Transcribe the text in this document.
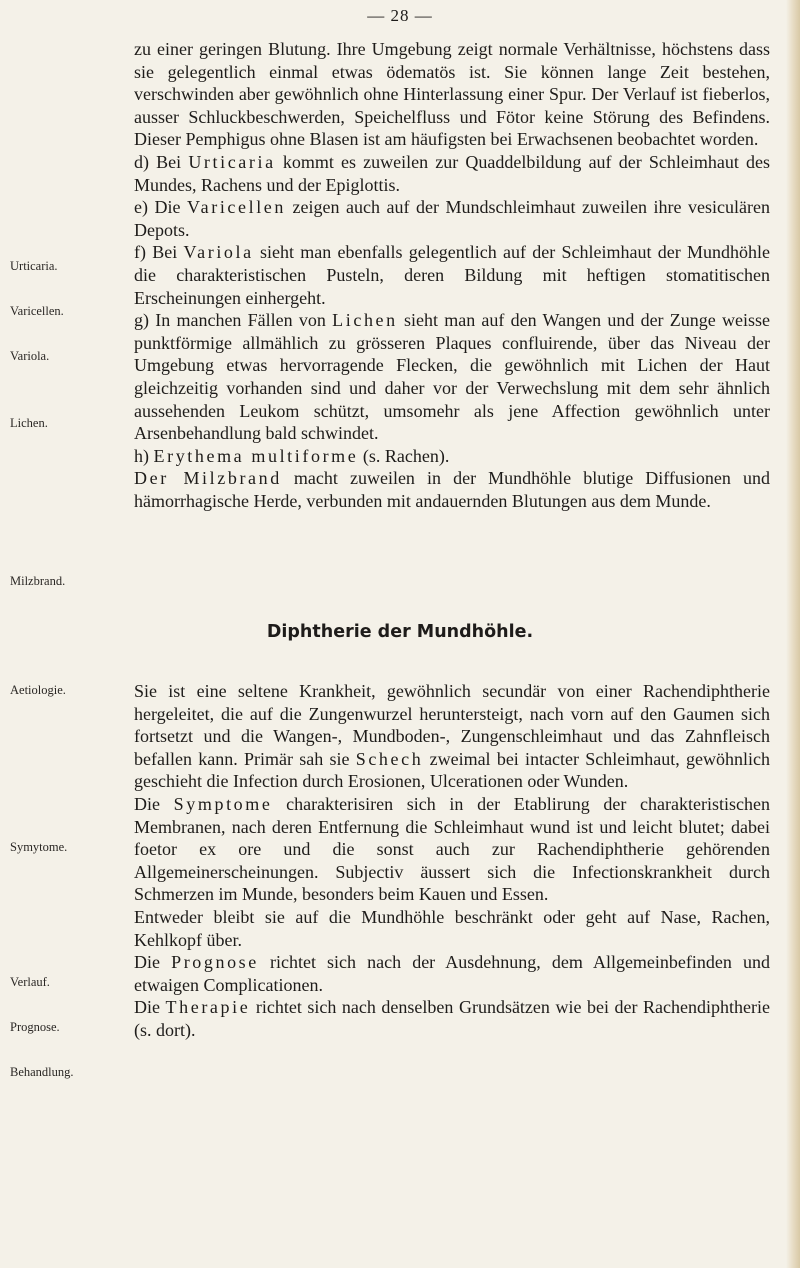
— 28 —
Urticaria.
Varicellen.
Variola.
Lichen.
Milzbrand.
Aetiologie.
Symytome.
Verlauf.
Prognose.
Behandlung.

zu einer geringen Blutung. Ihre Umgebung zeigt normale Verhältnisse, höchstens dass sie gelegentlich einmal etwas ödematös ist. Sie können lange Zeit bestehen, verschwinden aber gewöhnlich ohne Hinterlassung einer Spur. Der Verlauf ist fieberlos, ausser Schluckbeschwerden, Speichelfluss und Fötor keine Störung des Befindens. Dieser Pemphigus ohne Blasen ist am häufigsten bei Erwachsenen beobachtet worden.

d) Bei Urticaria kommt es zuweilen zur Quaddelbildung auf der Schleimhaut des Mundes, Rachens und der Epiglottis.

e) Die Varicellen zeigen auch auf der Mundschleimhaut zuweilen ihre vesiculären Depots.

f) Bei Variola sieht man ebenfalls gelegentlich auf der Schleimhaut der Mundhöhle die charakteristischen Pusteln, deren Bildung mit heftigen stomatitischen Erscheinungen einhergeht.

g) In manchen Fällen von Lichen sieht man auf den Wangen und der Zunge weisse punktförmige allmählich zu grösseren Plaques confluirende, über das Niveau der Umgebung etwas hervorragende Flecken, die gewöhnlich mit Lichen der Haut gleichzeitig vorhanden sind und daher vor der Verwechslung mit dem sehr ähnlich aussehenden Leukom schützt, umsomehr als jene Affection gewöhnlich unter Arsenbehandlung bald schwindet.

h) Erythema multiforme (s. Rachen).

Der Milzbrand macht zuweilen in der Mundhöhle blutige Diffusionen und hämorrhagische Herde, verbunden mit andauernden Blutungen aus dem Munde.

Diphtherie der Mundhöhle.

Sie ist eine seltene Krankheit, gewöhnlich secundär von einer Rachendiphtherie hergeleitet, die auf die Zungenwurzel heruntersteigt, nach vorn auf den Gaumen sich fortsetzt und die Wangen-, Mundboden-, Zungenschleimhaut und das Zahnfleisch befallen kann. Primär sah sie Schech zweimal bei intacter Schleimhaut, gewöhnlich geschieht die Infection durch Erosionen, Ulcerationen oder Wunden.

Die Symptome charakterisiren sich in der Etablirung der charakteristischen Membranen, nach deren Entfernung die Schleimhaut wund ist und leicht blutet; dabei foetor ex ore und die sonst auch zur Rachendiphtherie gehörenden Allgemeinerscheinungen. Subjectiv äussert sich die Infectionskrankheit durch Schmerzen im Munde, besonders beim Kauen und Essen.

Entweder bleibt sie auf die Mundhöhle beschränkt oder geht auf Nase, Rachen, Kehlkopf über.

Die Prognose richtet sich nach der Ausdehnung, dem Allgemeinbefinden und etwaigen Complicationen.

Die Therapie richtet sich nach denselben Grundsätzen wie bei der Rachendiphtherie (s. dort).
